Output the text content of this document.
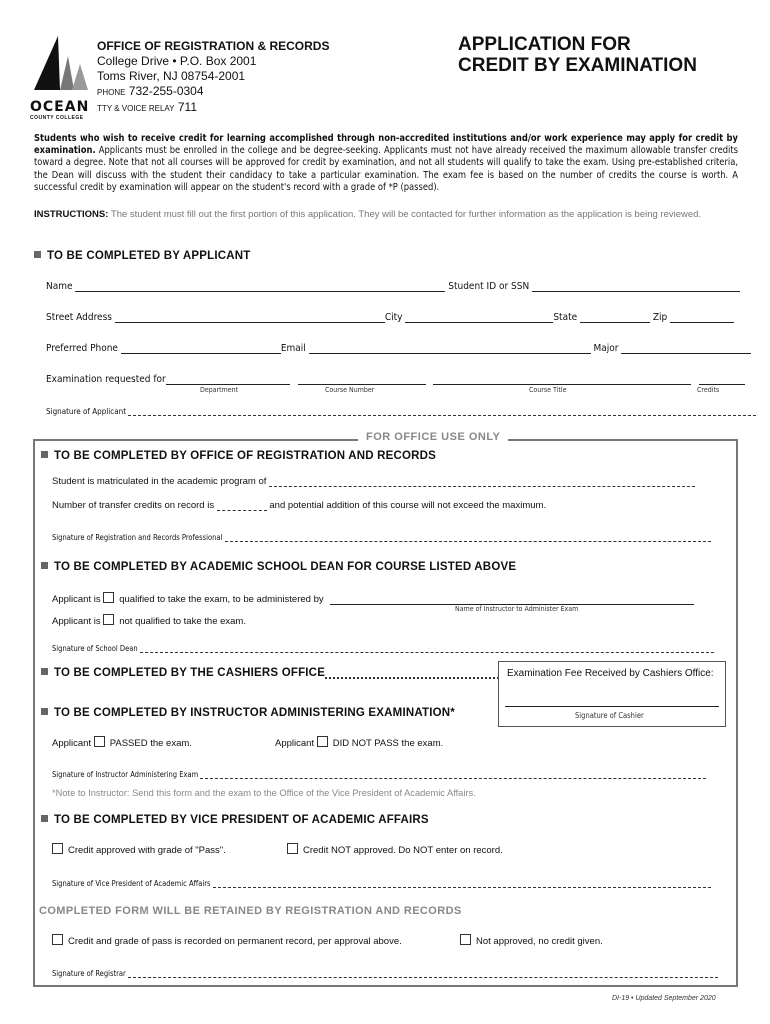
OCEAN
COUNTY COLLEGE
OFFICE OF REGISTRATION & RECORDS
College Drive • P.O. Box 2001
Toms River, NJ 08754-2001
PHONE 732-255-0304
TTY & VOICE RELAY 711
APPLICATION FOR
CREDIT BY EXAMINATION
Students who wish to receive credit for learning accomplished through non-accredited institutions and/or work experience may apply for credit by examination. Applicants must be enrolled in the college and be degree-seeking. Applicants must not have already received the maximum allowable transfer credits toward a degree. Note that not all courses will be approved for credit by examination, and not all students will qualify to take the exam. Using pre-established criteria, the Dean will discuss with the student their candidacy to take a particular examination. The exam fee is based on the number of credits the course is worth. A successful credit by examination will appear on the student's record with a grade of *P (passed).
INSTRUCTIONS: The student must fill out the first portion of this application. They will be contacted for further information as the application is being reviewed.
TO BE COMPLETED BY APPLICANT
Name	Student ID or SSN
Street Address	City	State	Zip
Preferred Phone	Email	Major
Examination requested for
Department	Course Number	Course Title	Credits
Signature of Applicant
FOR OFFICE USE ONLY
TO BE COMPLETED BY OFFICE OF REGISTRATION AND RECORDS
Student is matriculated in the academic program of
Number of transfer credits on record is	and potential addition of this course will not exceed the maximum.
Signature of Registration and Records Professional
TO BE COMPLETED BY ACADEMIC SCHOOL DEAN FOR COURSE LISTED ABOVE
Applicant is qualified to take the exam, to be administered by
Name of Instructor to Administer Exam
Applicant is not qualified to take the exam.
Signature of School Dean
TO BE COMPLETED BY THE CASHIERS OFFICE	Examination Fee Received by Cashiers Office:
Signature of Cashier
TO BE COMPLETED BY INSTRUCTOR ADMINISTERING EXAMINATION*
Applicant PASSED the exam.	Applicant DID NOT PASS the exam.
Signature of Instructor Administering Exam
*Note to Instructor: Send this form and the exam to the Office of the Vice President of Academic Affairs.
TO BE COMPLETED BY VICE PRESIDENT OF ACADEMIC AFFAIRS
Credit approved with grade of "Pass".	Credit NOT approved. Do NOT enter on record.
Signature of Vice President of Academic Affairs
COMPLETED FORM WILL BE RETAINED BY REGISTRATION AND RECORDS
Credit and grade of pass is recorded on permanent record, per approval above.	Not approved, no credit given.
Signature of Registrar
DI-19 • Updated September 2020
